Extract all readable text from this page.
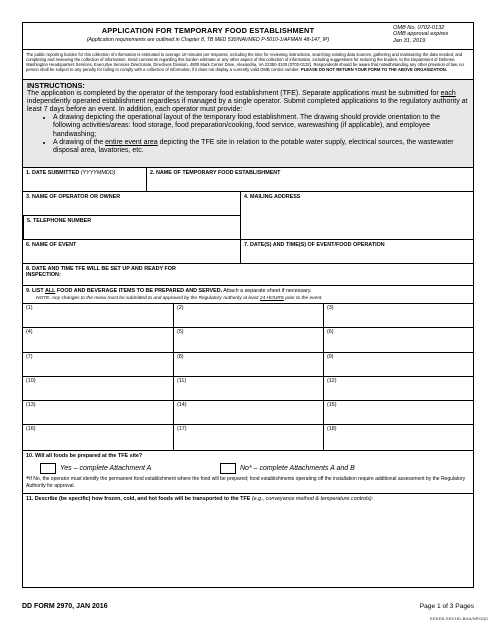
APPLICATION FOR TEMPORARY FOOD ESTABLISHMENT
(Application requirements are outlined in Chapter 8, TB MED 530/NAVMED P-5010-1/AFMAN 48-147_IP)
OMB No. 0702-0132
OMB approval expires
Jan 31, 2019
The public reporting burden for this collection of information is estimated to average 10 minutes per response, including the time for reviewing instructions, searching existing data sources, gathering and maintaining the data needed, and completing and reviewing the collection of information. Send comments regarding this burden estimate or any other aspect of this collection of information, including suggestions for reducing the burden, to the Department of Defense, Washington Headquarters Services, Executive Services Directorate, Directives Division, 4800 Mark Center Drive, Alexandria, VA 22350-3100 (0702-0132). Respondents should be aware that notwithstanding any other provision of law, no person shall be subject to any penalty for failing to comply with a collection of information if it does not display a currently valid OMB control number. PLEASE DO NOT RETURN YOUR FORM TO THE ABOVE ORGANIZATION.
INSTRUCTIONS:
The application is completed by the operator of the temporary food establishment (TFE). Separate applications must be submitted for each independently operated establishment regardless if managed by a single operator. Submit completed applications to the regulatory authority at least 7 days before an event. In addition, each operator must provide:
• A drawing depicting the operational layout of the temporary food establishment. The drawing should provide orientation to the following activities/areas: food storage, food preparation/cooking, food service, warewashing (if applicable), and employee handwashing;
• A drawing of the entire event area depicting the TFE site in relation to the potable water supply, electrical sources, the wastewater disposal area, lavatories, etc.
1. DATE SUBMITTED (YYYYMMDD)	2. NAME OF TEMPORARY FOOD ESTABLISHMENT
3. NAME OF OPERATOR OR OWNER
5. TELEPHONE NUMBER
4. MAILING ADDRESS
6. NAME OF EVENT	7. DATE(S) AND TIME(S) OF EVENT/FOOD OPERATION
8. DATE AND TIME TFE WILL BE SET UP AND READY FOR INSPECTION:
9. LIST ALL FOOD AND BEVERAGE ITEMS TO BE PREPARED AND SERVED. Attach a separate sheet if necessary.
NOTE. Any changes to the menu must be submitted to and approved by the Regulatory Authority at least 24 HOURS prior to the event.
(1)	(2)	(3)
(4)	(5)	(6)
(7)	(8)	(9)
(10)	(11)	(12)
(13)	(14)	(15)
(16)	(17)	(18)
10. Will all foods be prepared at the TFE site?
Yes – complete Attachment A	No* – complete Attachments A and B
*If No, the operator must identify the permanent food establishment where the food will be prepared; food establishments operating off the installation require additional assessment by the Regulatory Authority for approval.
11. Describe (be specific) how frozen, cold, and hot foods will be transported to the TFE (e.g., conveyance method & temperature controls):
DD FORM 2970, JAN 2016	Page 1 of 3 Pages
EEEEB-SRCHD-BHA/NROQ0
